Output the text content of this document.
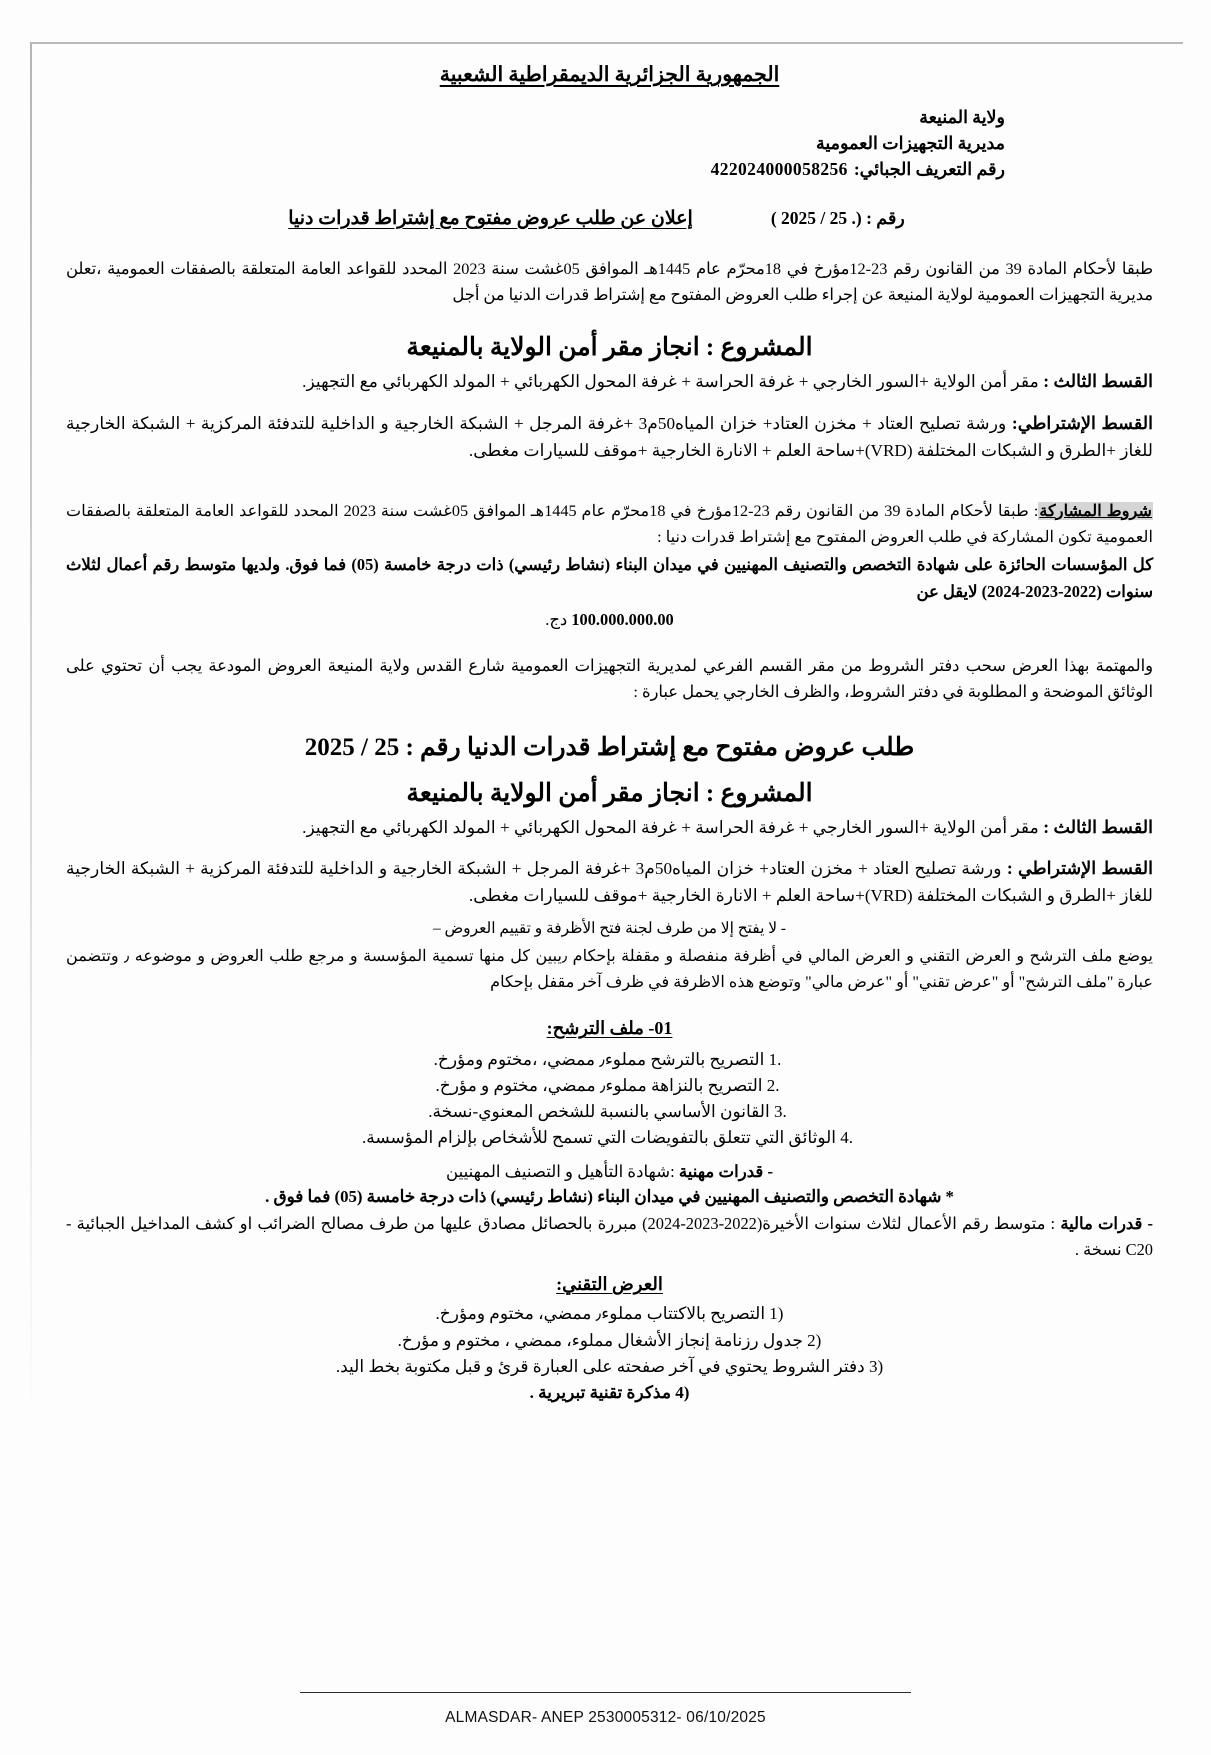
الجمهورية الجزائرية الديمقراطية الشعبية
ولاية المنيعة
مديرية التجهيزات العمومية
رقم التعريف الجبائي:422024000058256
إعلان عن طلب عروض مفتوح مع إشتراط قدرات دنيا	رقم : (. 25 / 2025 )
طبقا لأحكام المادة 39 من القانون رقم 23-12مؤرخ في 18محرّم عام 1445هـ الموافق 05غشت سنة 2023 المحدد للقواعد العامة المتعلقة بالصفقات العمومية ،تعلن مديرية التجهيزات العمومية لولاية المنيعة عن إجراء طلب العروض المفتوح مع إشتراط قدرات الدنيا من أجل
المشروع : انجاز مقر أمن الولاية بالمنيعة
القسط الثالث : مقر أمن الولاية +السور الخارجي + غرفة الحراسة + غرفة المحول الكهربائي + المولد الكهربائي مع التجهيز.
القسط الإشتراطي: ورشة تصليح العتاد + مخزن العتاد+ خزان المياه50م3 +غرفة المرجل + الشبكة الخارجية و الداخلية للتدفئة المركزية + الشبكة الخارجية للغاز +الطرق و الشبكات المختلفة (VRD)+ساحة العلم + الانارة الخارجية +موقف للسيارات مغطى.
شروط المشاركة: طبقا لأحكام المادة 39 من القانون رقم 23-12مؤرخ في 18محرّم عام 1445هـ الموافق 05غشت سنة 2023 المحدد للقواعد العامة المتعلقة بالصفقات العمومية تكون المشاركة في طلب العروض المفتوح مع إشتراط قدرات دنيا :
كل المؤسسات الحائزة على شهادة التخصص والتصنيف المهنيين في ميدان البناء (نشاط رئيسي) ذات درجة خامسة (05) فما فوق. ولديها متوسط رقم أعمال لثلاث سنوات (2022-2023-2024) لايقل عن
100.000.000.00 دج.
والمهتمة بهذا العرض سحب دفتر الشروط من مقر القسم الفرعي لمديرية التجهيزات العمومية شارع القدس ولاية المنيعة العروض المودعة يجب أن تحتوي على الوثائق الموضحة و المطلوبة في دفتر الشروط، والظرف الخارجي يحمل عبارة :
طلب عروض مفتوح مع إشتراط قدرات الدنيا رقم : 25 / 2025
المشروع : انجاز مقر أمن الولاية بالمنيعة
القسط الثالث : مقر أمن الولاية +السور الخارجي + غرفة الحراسة + غرفة المحول الكهربائي + المولد الكهربائي مع التجهيز.
القسط الإشتراطي : ورشة تصليح العتاد + مخزن العتاد+ خزان المياه50م3 +غرفة المرجل + الشبكة الخارجية و الداخلية للتدفئة المركزية + الشبكة الخارجية للغاز +الطرق و الشبكات المختلفة (VRD)+ساحة العلم + الانارة الخارجية +موقف للسيارات مغطى.
- لا يفتح إلا من طرف لجنة فتح الأظرفة و تقييم العروض –
يوضع ملف الترشح و العرض التقني و العرض المالي في أظرفة منفصلة و مقفلة بإحكام ٫يبين كل منها تسمية المؤسسة و مرجع طلب العروض و موضوعه ٫ وتتضمن عبارة "ملف الترشح" أو "عرض تقني" أو "عرض مالي" وتوضع هذه الاظرفة في ظرف آخر مقفل بإحكام
01- ملف الترشح:
1. التصريح بالترشح مملوء٫ ممضي، ،مختوم ومؤرخ.
2. التصريح بالنزاهة مملوء٫ ممضي، مختوم و مؤرخ.
3. القانون الأساسي بالنسبة للشخص المعنوي-نسخة.
4. الوثائق التي تتعلق بالتفويضات التي تسمح للأشخاص بإلزام المؤسسة.
- قدرات مهنية :شهادة التأهيل و التصنيف المهنيين
* شهادة التخصص والتصنيف المهنيين في ميدان البناء (نشاط رئيسي) ذات درجة خامسة (05) فما فوق .
- قدرات مالية : متوسط رقم الأعمال لثلاث سنوات الأخيرة(2022-2023-2024) مبررة بالحصائل مصادق عليها من طرف مصالح الضرائب او كشف المداخيل الجبائية - C20 نسخة .
العرض التقني:
1) التصريح بالاكتتاب مملوء٫ ممضي، مختوم ومؤرخ.
2) جدول رزنامة إنجاز الأشغال مملوء، ممضي ، مختوم و مؤرخ.
3) دفتر الشروط يحتوي في آخر صفحته على العبارة قرئ و قبل مكتوبة بخط اليد.
4) مذكرة تقنية تبريرية .
ALMASDAR- ANEP 2530005312- 06/10/2025
